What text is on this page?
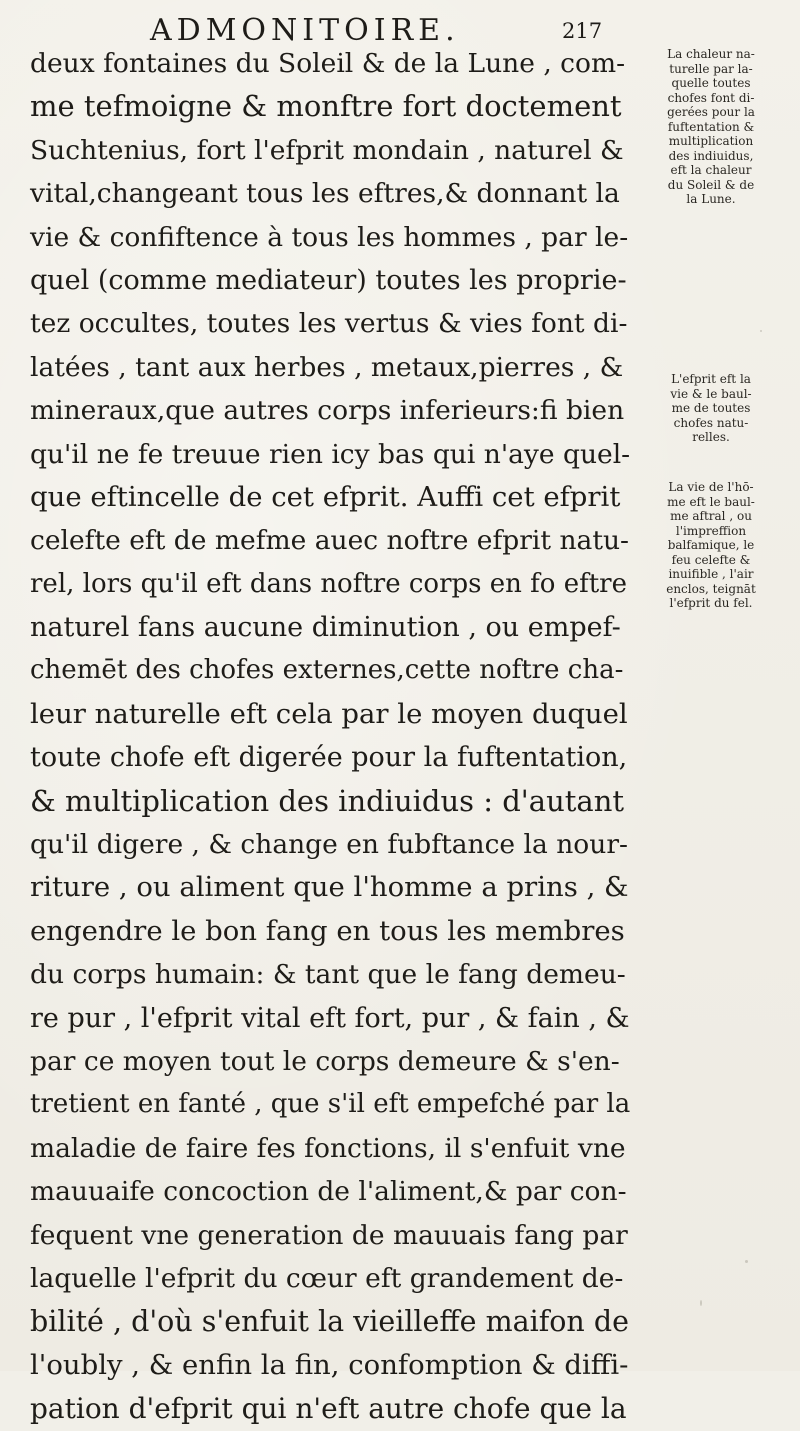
ADMONITOIRE.	217
deux fontaines du Soleil & de la Lune , com-
me tefmoigne & monftre fort doctement
Suchtenius, fort l'efprit mondain , naturel &
vital,changeant tous les eftres,& donnant la
vie & confiftence à tous les hommes , par le-
quel (comme mediateur) toutes les proprie-
tez occultes, toutes les vertus & vies font di-
latées , tant aux herbes , metaux,pierres , &
mineraux,que autres corps inferieurs:fi bien
qu'il ne fe treuue rien icy bas qui n'aye quel-
que eftincelle de cet efprit. Auffi cet efprit
celefte eft de mefme auec noftre efprit natu-
rel, lors qu'il eft dans noftre corps en fo eftre
naturel fans aucune diminution , ou empef-
chemēt des chofes externes,cette noftre cha-
leur naturelle eft cela par le moyen duquel
toute chofe eft digerée pour la fuftentation,
& multiplication des indiuidus : d'autant
qu'il digere , & change en fubftance la nour-
riture , ou aliment que l'homme a prins , &
engendre le bon fang en tous les membres
du corps humain: & tant que le fang demeu-
re pur , l'efprit vital eft fort, pur , & fain , &
par ce moyen tout le corps demeure & s'en-
tretient en fanté , que s'il eft empefché par la
maladie de faire fes fonctions, il s'enfuit vne
mauuaife concoction de l'aliment,& par con-
fequent vne generation de mauuais fang par
laquelle l'efprit du cœur eft grandement de-
bilité , d'où s'enfuit la vieilleffe maifon de
l'oubly , & enfin la fin, confomption & diffi-
pation d'efprit qui n'eft autre chofe que la
La chaleur na-
turelle par la-
quelle toutes
chofes font di-
gerées pour la
fuftentation &
multiplication
des indiuidus,
eft la chaleur
du Soleil & de
la Lune.
L'efprit eft la
vie & le baul-
me de toutes
chofes natu-
relles.
La vie de l'hō-
me eft le baul-
me aftral , ou
l'impreffion
balfamique, le
feu celefte &
inuifible , l'air
enclos, teignāt
l'efprit du fel.
